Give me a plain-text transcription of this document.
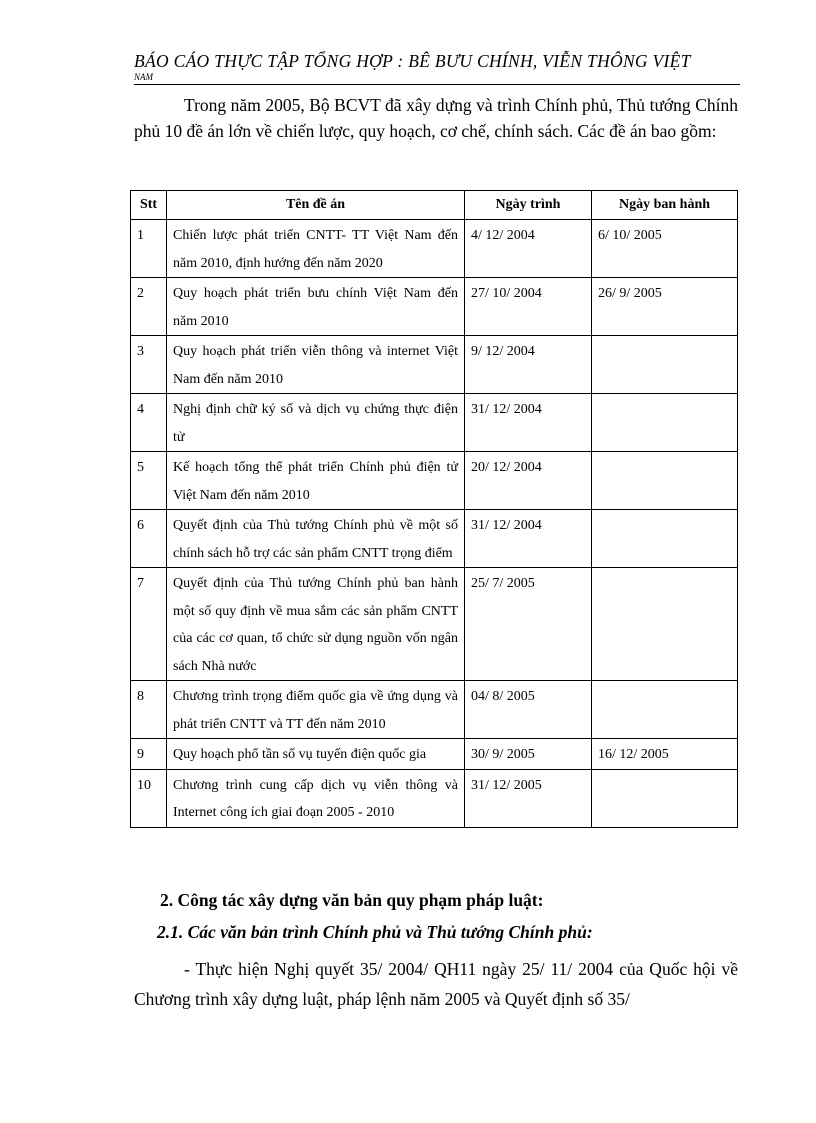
BÁO CÁO THỰC TẬP TỔNG HỢP : BÊ BƯU CHÍNH, VIỄN THÔNG VIỆT
NAM
Trong năm 2005, Bộ BCVT đã xây dựng và trình Chính phủ, Thủ tướng Chính phủ 10 đề án lớn về chiến lược, quy hoạch, cơ chế, chính sách. Các đề án bao gồm:
Stt	Tên đề án	Ngày trình	Ngày ban hành
1	Chiến lược phát triển CNTT- TT Việt Nam đến năm 2010, định hướng đến năm 2020	4/ 12/ 2004	6/ 10/ 2005
2	Quy hoạch phát triển bưu chính Việt Nam đến năm 2010	27/ 10/ 2004	26/ 9/ 2005
3	Quy hoạch phát triển viễn thông và internet Việt Nam đến năm 2010	9/ 12/ 2004	
4	Nghị định chữ ký số và dịch vụ chứng thực điện tử	31/ 12/ 2004	
5	Kế hoạch tổng thể phát triển Chính phủ điện tử Việt Nam đến năm 2010	20/ 12/ 2004	
6	Quyết định của Thủ tướng Chính phủ về một số chính sách hỗ trợ các sản phẩm CNTT trọng điểm	31/ 12/ 2004	
7	Quyết định của Thủ tướng Chính phủ ban hành một số quy định về mua sắm các sản phẩm CNTT của các cơ quan, tổ chức sử dụng nguồn vốn ngân sách Nhà nước	25/ 7/ 2005	
8	Chương trình trọng điểm quốc gia về ứng dụng và phát triển CNTT và TT đến năm 2010	04/ 8/ 2005	
9	Quy hoạch phổ tần số vụ tuyến điện quốc gia	30/ 9/ 2005	16/ 12/ 2005
10	Chương trình cung cấp dịch vụ viễn thông và Internet công ích giai đoạn 2005 - 2010	31/ 12/ 2005	
2. Công tác xây dựng văn bản quy phạm pháp luật:
2.1. Các văn bản trình Chính phủ và Thủ tướng Chính phủ:
- Thực hiện Nghị quyết 35/ 2004/ QH11 ngày 25/ 11/ 2004 của Quốc hội về Chương trình xây dựng luật, pháp lệnh năm 2005 và Quyết định số 35/
